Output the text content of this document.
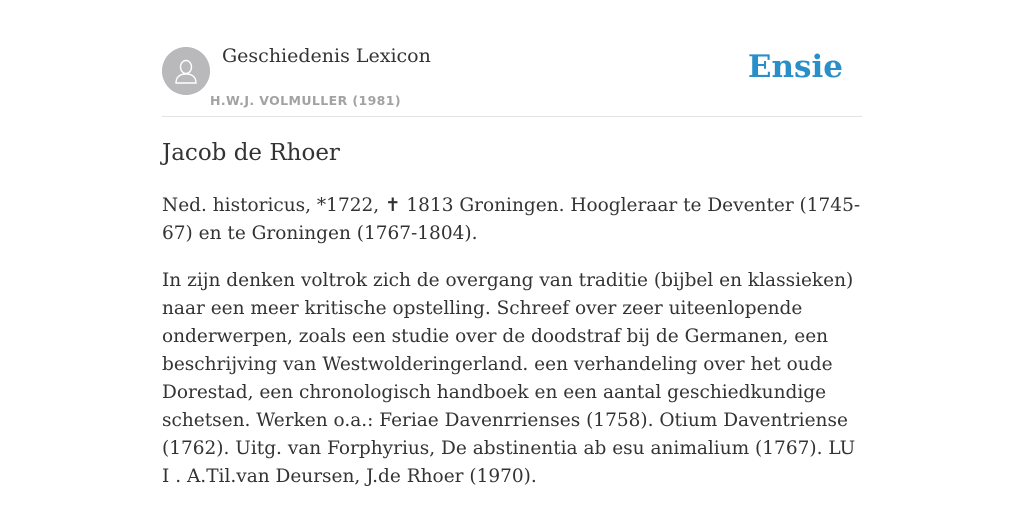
Geschiedenis Lexicon
H.W.J. VOLMULLER (1981)
Ensie
Jacob de Rhoer

Ned. historicus, *1722, ✝ 1813 Groningen. Hoogleraar te Deventer (1745-67) en te Groningen (1767-1804).

In zijn denken voltrok zich de overgang van traditie (bijbel en klassieken) naar een meer kritische opstelling. Schreef over zeer uiteenlopende onderwerpen, zoals een studie over de doodstraf bij de Germanen, een beschrijving van Westwolderingerland. een verhandeling over het oude Dorestad, een chronologisch handboek en een aantal geschiedkundige schetsen. Werken o.a.: Feriae Davenrrienses (1758). Otium Daventriense (1762). Uitg. van Forphyrius, De abstinentia ab esu animalium (1767). LU I . A.Til.van Deursen, J.de Rhoer (1970).
